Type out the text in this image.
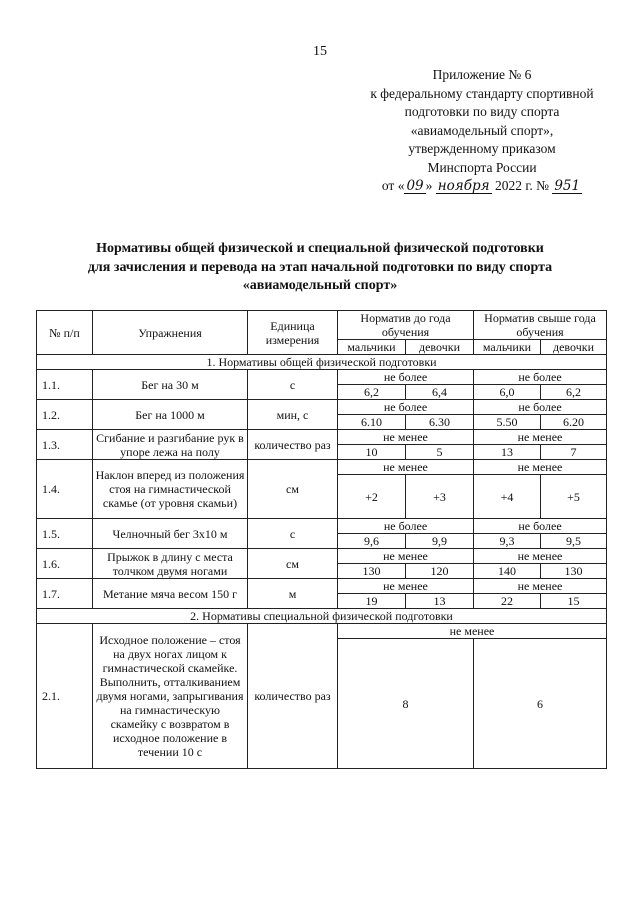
15
Приложение № 6
к федеральному стандарту спортивной
подготовки по виду спорта
«авиамодельный спорт»,
утвержденному приказом
Минспорта России
от « 09 » ноября 2022 г. № 951
Нормативы общей физической и специальной физической подготовки
для зачисления и перевода на этап начальной подготовки по виду спорта
«авиамодельный спорт»
№ п/п	Упражнения	Единица измерения	Норматив до года обучения		Норматив свыше года обучения	
			мальчики	девочки	мальчики	девочки
1. Нормативы общей физической подготовки						
1.1.	Бег на 30 м	с	не более		не более	
			6,2	6,4	6,0	6,2
1.2.	Бег на 1000 м	мин, с	не более		не более	
			6.10	6.30	5.50	6.20
1.3.	Сгибание и разгибание рук в упоре лежа на полу	количество раз	не менее		не менее	
			10	5	13	7
1.4.	Наклон вперед из положения стоя на гимнастической скамье (от уровня скамьи)	см	не менее		не менее	
			+2	+3	+4	+5
1.5.	Челночный бег 3х10 м	с	не более		не более	
			9,6	9,9	9,3	9,5
1.6.	Прыжок в длину с места толчком двумя ногами	см	не менее		не менее	
			130	120	140	130
1.7.	Метание мяча весом 150 г	м	не менее		не менее	
			19	13	22	15
2. Нормативы специальной физической подготовки						
2.1.	Исходное положение – стоя на двух ногах лицом к гимнастической скамейке. Выполнить, отталкиванием двумя ногами, запрыгивания на гимнастическую скамейку с возвратом в исходное положение в течении 10 с	количество раз	не менее			
			8		6	
